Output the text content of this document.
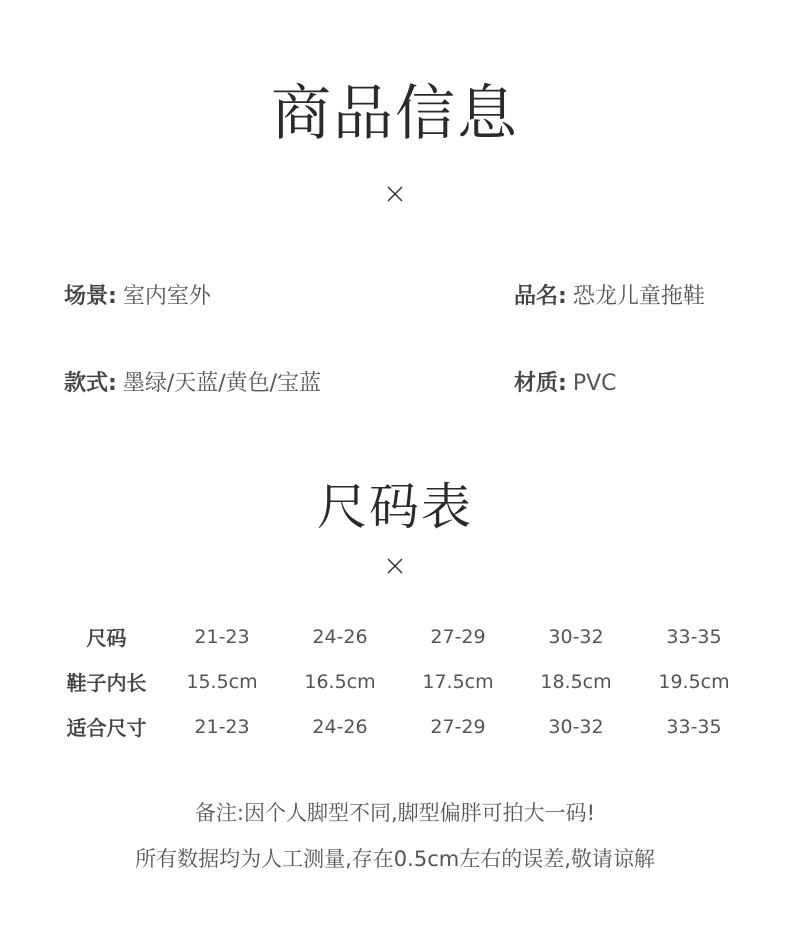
商品信息
场景: 室内室外	品名: 恐龙儿童拖鞋
款式: 墨绿/天蓝/黄色/宝蓝	材质: PVC
尺码表
尺码	21-23	24-26	27-29	30-32	33-35
鞋子内长	15.5cm	16.5cm	17.5cm	18.5cm	19.5cm
适合尺寸	21-23	24-26	27-29	30-32	33-35
备注:因个人脚型不同,脚型偏胖可拍大一码!
所有数据均为人工测量,存在0.5cm左右的误差,敬请谅解
